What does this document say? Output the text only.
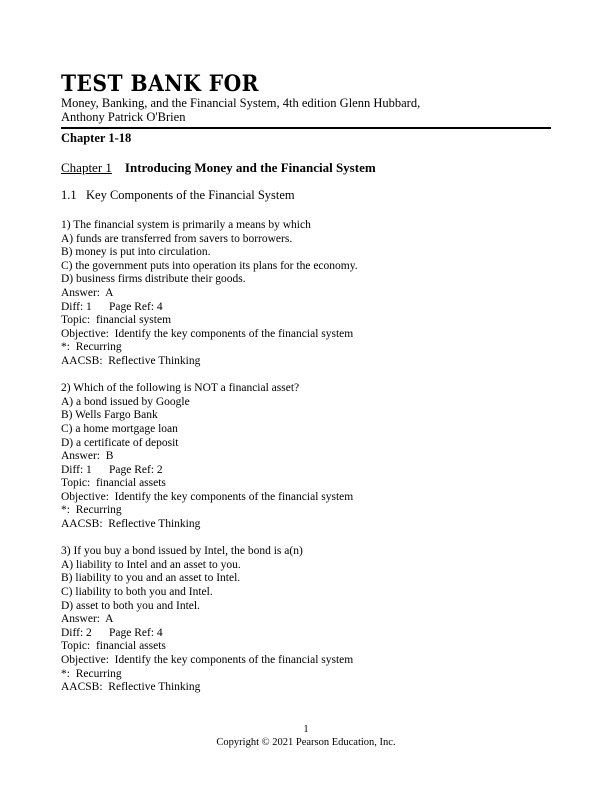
TEST BANK FOR
Money, Banking, and the Financial System, 4th edition Glenn Hubbard,
Anthony Patrick O'Brien
Chapter 1-18
Chapter 1 Introducing Money and the Financial System
1.1   Key Components of the Financial System
1) The financial system is primarily a means by which
A) funds are transferred from savers to borrowers.
B) money is put into circulation.
C) the government puts into operation its plans for the economy.
D) business firms distribute their goods.
Answer:  A
Diff: 1      Page Ref: 4
Topic:  financial system
Objective:  Identify the key components of the financial system
*:  Recurring
AACSB:  Reflective Thinking
2) Which of the following is NOT a financial asset?
A) a bond issued by Google
B) Wells Fargo Bank
C) a home mortgage loan
D) a certificate of deposit
Answer:  B
Diff: 1      Page Ref: 2
Topic:  financial assets
Objective:  Identify the key components of the financial system
*:  Recurring
AACSB:  Reflective Thinking
3) If you buy a bond issued by Intel, the bond is a(n)
A) liability to Intel and an asset to you.
B) liability to you and an asset to Intel.
C) liability to both you and Intel.
D) asset to both you and Intel.
Answer:  A
Diff: 2      Page Ref: 4
Topic:  financial assets
Objective:  Identify the key components of the financial system
*:  Recurring
AACSB:  Reflective Thinking
1
Copyright © 2021 Pearson Education, Inc.
